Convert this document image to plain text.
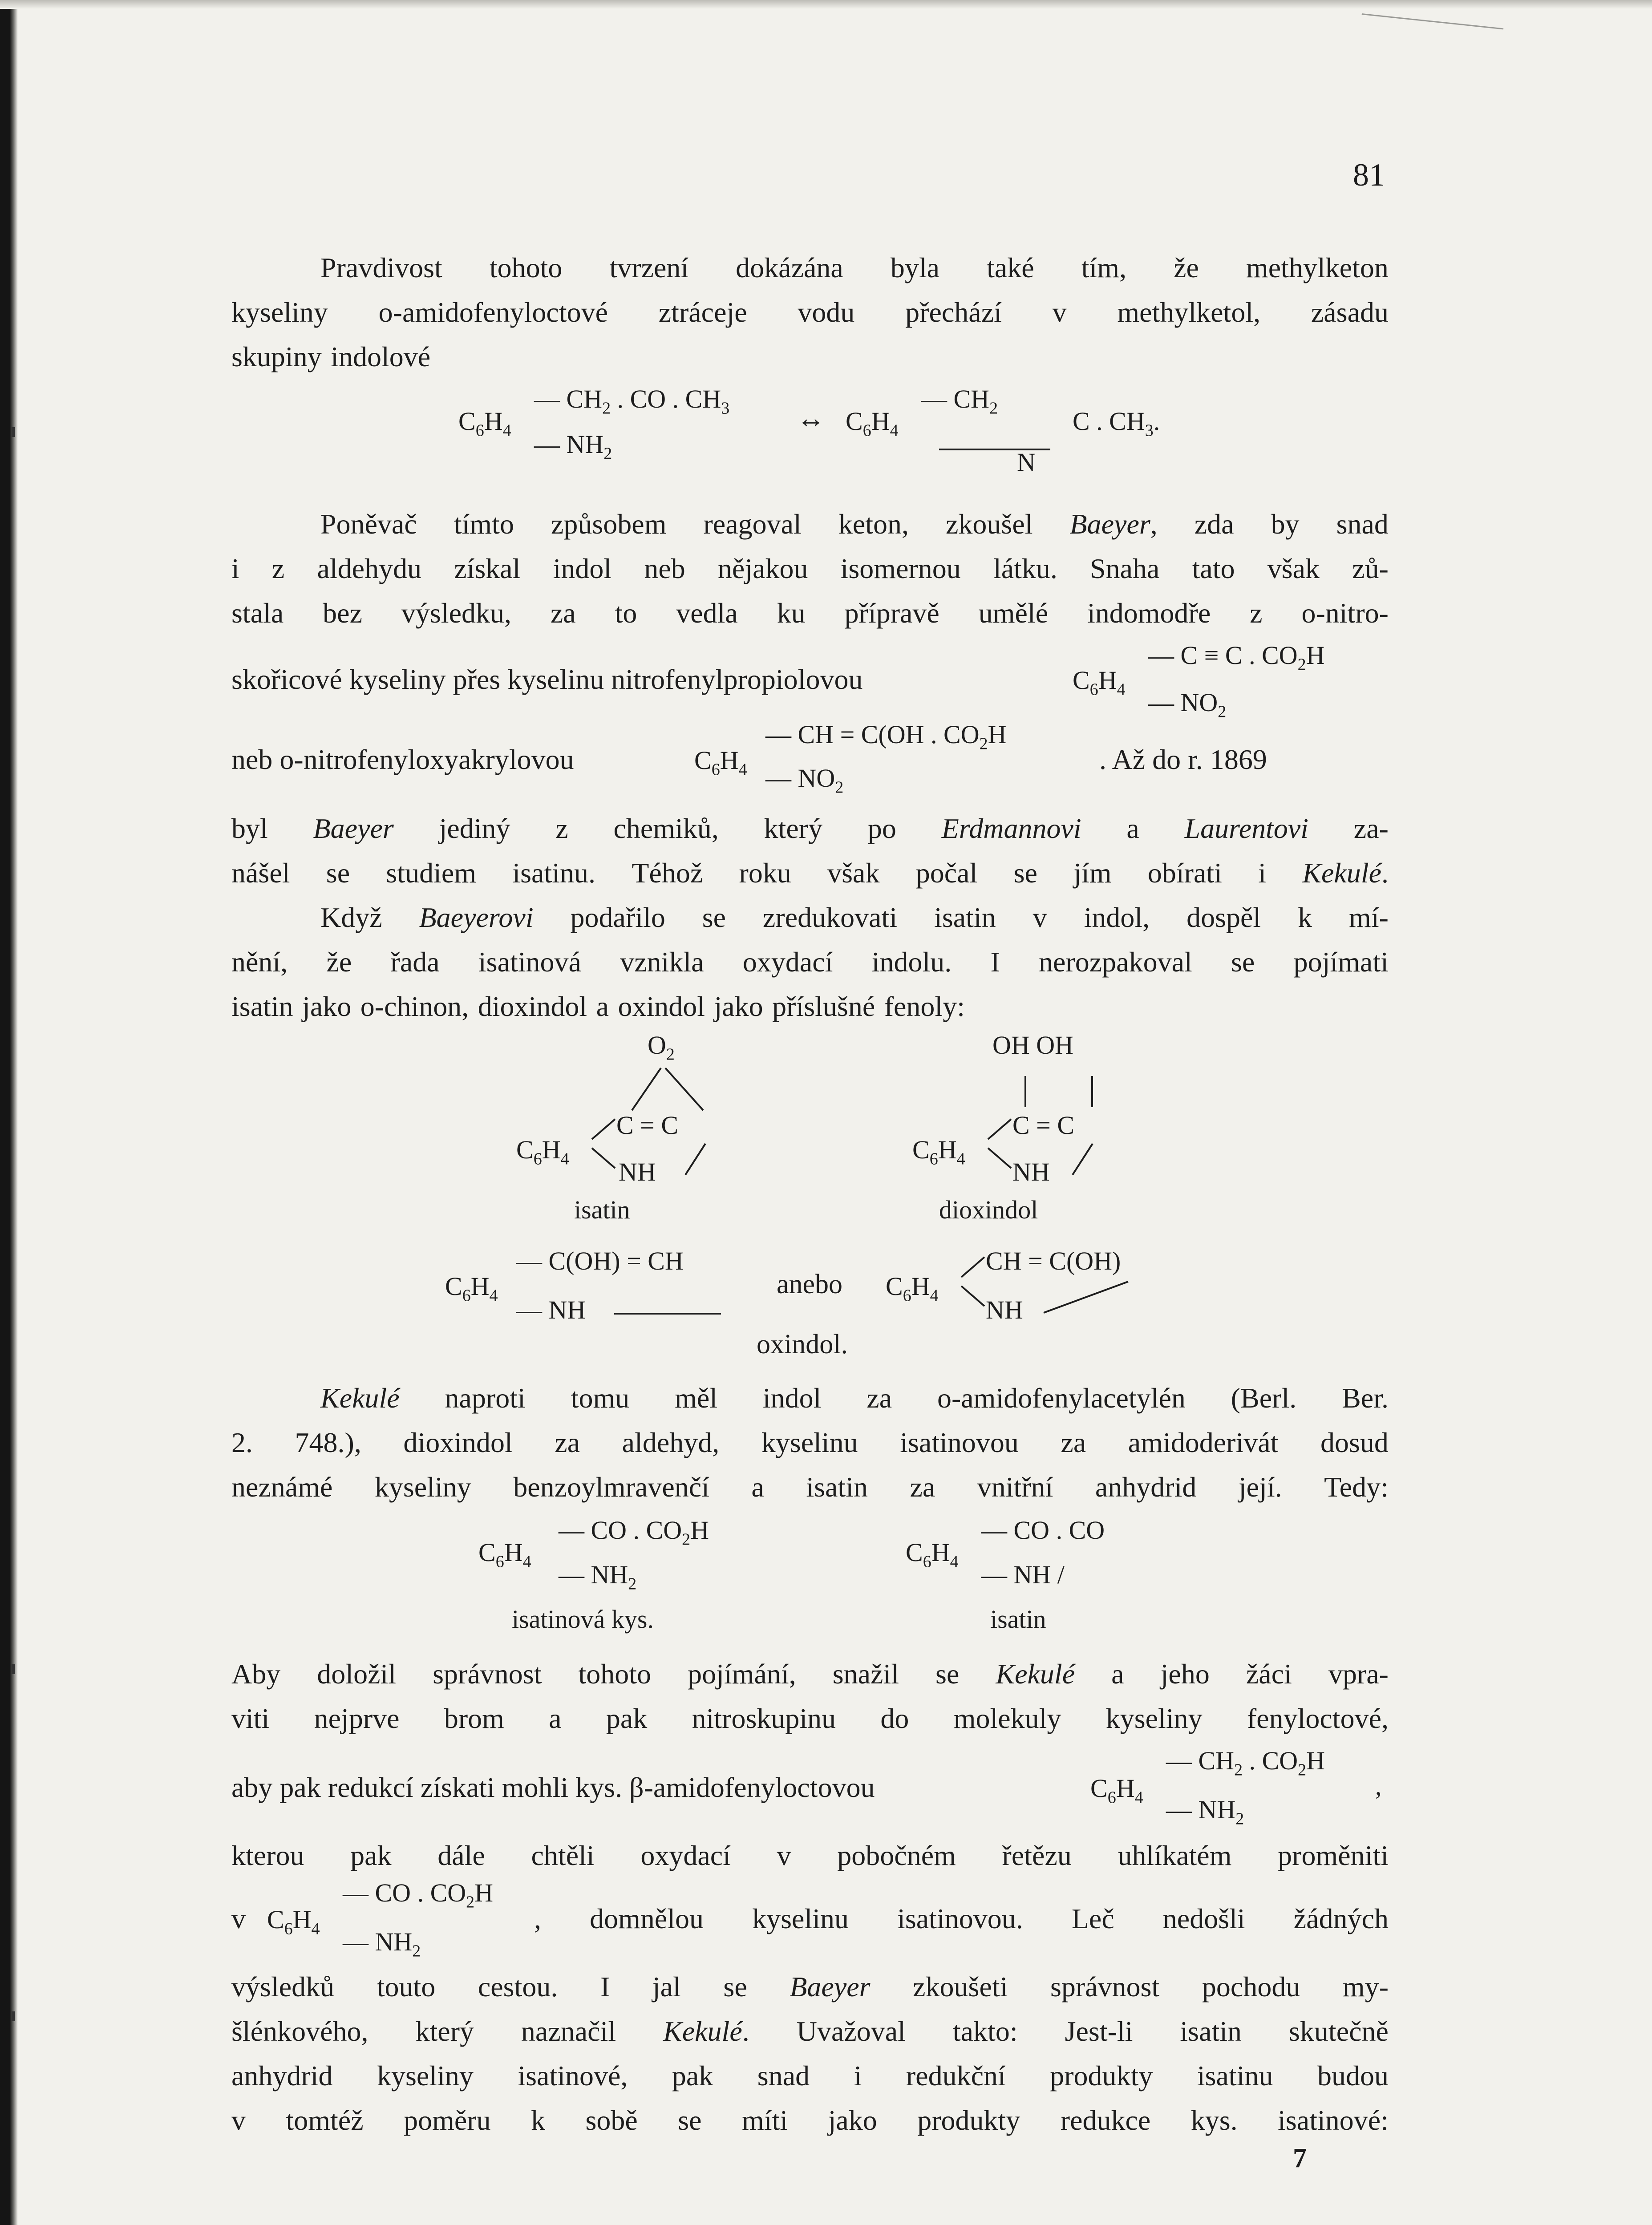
81
Pravdivost tohoto tvrzení dokázána byla také tím, že methylketon
kyseliny o-amidofenyloctové ztráceje vodu přechází v methylketol, zásadu
skupiny indolové
$C_6H_4$
— $CH_2$ . CO . $CH_3$
— $NH_2$
↔ $C_6H_4$
— $CH_2$	C . $CH_3$.
N
Poněvač tímto způsobem reagoval keton, zkoušel Baeyer, zda by snad
i z aldehydu získal indol neb nějakou isomernou látku. Snaha tato však zů-
stala bez výsledku, za to vedla ku přípravě umělé indomodře z o-nitro-
skořicové kyseliny přes kyselinu nitrofenylpropiolovou	$C_6H_4$
— C ≡ C . $CO_2H$
— $NO_2$
neb o-nitrofenyloxyakrylovou	$C_6H_4$
— CH = C(OH . $CO_2H$
— $NO_2$
. Až do r. 1869
byl Baeyer jediný z chemiků, který po Erdmannovi a Laurentovi za-
nášel se studiem isatinu. Téhož roku však počal se jím obírati i Kekulé.
Když Baeyerovi podařilo se zredukovati isatin v indol, dospěl k mí-
nění, že řada isatinová vznikla oxydací indolu. I nerozpakoval se pojímati
isatin jako o-chinon, dioxindol a oxindol jako příslušné fenoly:
$O_2$
$C_6H_4$
C = C
NH
isatin
OH OH
$C_6H_4$
C = C
NH
dioxindol
$C_6H_4$
— C(OH) = CH
— NH
anebo $C_6H_4$
CH = C(OH)
NH
oxindol.
Kekulé naproti tomu měl indol za o-amidofenylacetylén (Berl. Ber.
2. 748.), dioxindol za aldehyd, kyselinu isatinovou za amidoderivát dosud
neznámé kyseliny benzoylmravenčí a isatin za vnitřní anhydrid její. Tedy:
$C_6H_4$
— CO . $CO_2H$
— $NH_2$
isatinová kys.
$C_6H_4$
— CO . CO
— NH /
isatin
Aby doložil správnost tohoto pojímání, snažil se Kekulé a jeho žáci vpra-
viti nejprve brom a pak nitroskupinu do molekuly kyseliny fenyloctové,
aby pak redukcí získati mohli kys. β-amidofenyloctovou	$C_6H_4$
— $CH_2$ . $CO_2H$
— $NH_2$
,
kterou pak dále chtěli oxydací v pobočném řetězu uhlíkatém proměniti
v $C_6H_4$
— CO . $CO_2H$
— $NH_2$
, domnělou kyselinu isatinovou. Leč nedošli žádných
výsledků touto cestou. I jal se Baeyer zkoušeti správnost pochodu my-
šlénkového, který naznačil Kekulé. Uvažoval takto: Jest-li isatin skutečně
anhydrid kyseliny isatinové, pak snad i redukční produkty isatinu budou
v tomtéž poměru k sobě se míti jako produkty redukce kys. isatinové:
7
